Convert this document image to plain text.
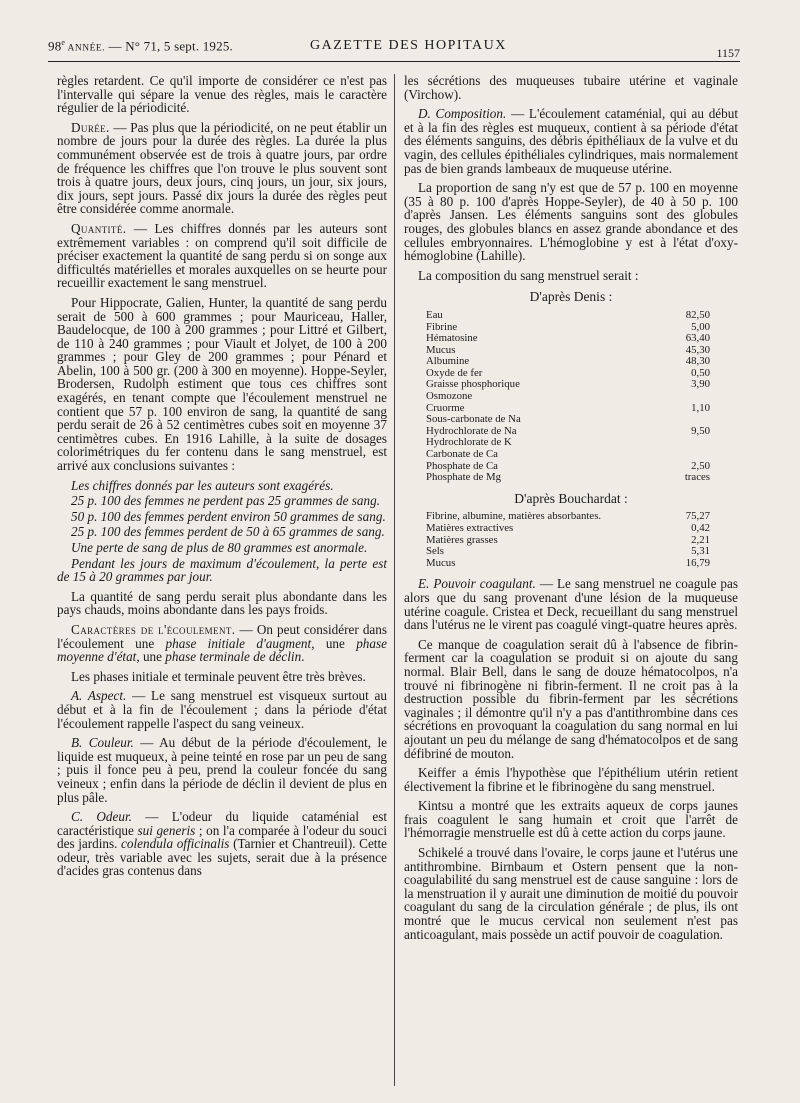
98e ANNÉE. — N° 71, 5 sept. 1925.	GAZETTE DES HOPITAUX	1157

règles retardent. Ce qu'il importe de considérer ce n'est pas l'intervalle qui sépare la venue des règles, mais le caractère régulier de la périodicité.

Durée. — Pas plus que la périodicité, on ne peut établir un nombre de jours pour la durée des règles. La durée la plus communément observée est de trois à quatre jours, par ordre de fréquence les chiffres que l'on trouve le plus souvent sont trois à quatre jours, deux jours, cinq jours, un jour, six jours, dix jours, sept jours. Passé dix jours la durée des règles peut être considérée comme anormale.

Quantité. — Les chiffres donnés par les auteurs sont extrêmement variables : on comprend qu'il soit difficile de préciser exactement la quantité de sang perdu si on songe aux difficultés matérielles et morales auxquelles on se heurte pour recueillir exactement le sang menstruel.

Pour Hippocrate, Galien, Hunter, la quantité de sang perdu serait de 500 à 600 grammes ; pour Mauriceau, Haller, Baudelocque, de 100 à 200 grammes ; pour Littré et Gilbert, de 110 à 240 grammes ; pour Viault et Jolyet, de 100 à 200 grammes ; pour Gley de 200 grammes ; pour Pénard et Abelin, 100 à 500 gr. (200 à 300 en moyenne). Hoppe-Seyler, Brodersen, Rudolph estiment que tous ces chiffres sont exagérés, en tenant compte que l'écoulement menstruel ne contient que 57 p. 100 environ de sang, la quantité de sang perdu serait de 26 à 52 centimètres cubes soit en moyenne 37 centimètres cubes. En 1916 Lahille, à la suite de dosages colorimétriques du fer contenu dans le sang menstruel, est arrivé aux conclusions suivantes :

Les chiffres donnés par les auteurs sont exagérés.

25 p. 100 des femmes ne perdent pas 25 grammes de sang.

50 p. 100 des femmes perdent environ 50 grammes de sang.

25 p. 100 des femmes perdent de 50 à 65 grammes de sang.

Une perte de sang de plus de 80 grammes est anormale.

Pendant les jours de maximum d'écoulement, la perte est de 15 à 20 grammes par jour.

La quantité de sang perdu serait plus abondante dans les pays chauds, moins abondante dans les pays froids.

Caractères de l'écoulement. — On peut considérer dans l'écoulement une phase initiale d'augment, une phase moyenne d'état, une phase terminale de déclin.

Les phases initiale et terminale peuvent être très brèves.

A. Aspect. — Le sang menstruel est visqueux surtout au début et à la fin de l'écoulement ; dans la période d'état l'écoulement rappelle l'aspect du sang veineux.

B. Couleur. — Au début de la période d'écoulement, le liquide est muqueux, à peine teinté en rose par un peu de sang ; puis il fonce peu à peu, prend la couleur foncée du sang veineux ; enfin dans la période de déclin il devient de plus en plus pâle.

C. Odeur. — L'odeur du liquide cataménial est caractéristique sui generis ; on l'a comparée à l'odeur du souci des jardins. colendula officinalis (Tarnier et Chantreuil). Cette odeur, très variable avec les sujets, serait due à la présence d'acides gras contenus dans

les sécrétions des muqueuses tubaire utérine et vaginale (Virchow).

D. Composition. — L'écoulement cataménial, qui au début et à la fin des règles est muqueux, contient à sa période d'état des éléments sanguins, des débris épithéliaux de la vulve et du vagin, des cellules épithéliales cylindriques, mais normalement pas de bien grands lambeaux de muqueuse utérine.

La proportion de sang n'y est que de 57 p. 100 en moyenne (35 à 80 p. 100 d'après Hoppe-Seyler), de 40 à 50 p. 100 d'après Jansen. Les éléments sanguins sont des globules rouges, des globules blancs en assez grande abondance et des cellules embryonnaires. L'hémoglobine y est à l'état d'oxy-hémoglobine (Lahille).

La composition du sang menstruel serait :

D'après Denis :

Eau	82,50
Fibrine	5,00
Hématosine	63,40
Mucus	45,30
Albumine	48,30
Oxyde de fer	0,50
Graisse phosphorique	3,90
Osmozone	
Cruorme	1,10
Sous-carbonate de Na	
Hydrochlorate de Na	9,50
Hydrochlorate de K	
Carbonate de Ca	
Phosphate de Ca	2,50
Phosphate de Mg	traces

D'après Bouchardat :

Fibrine, albumine, matières absorbantes.	75,27
Matières extractives	0,42
Matières grasses	2,21
Sels	5,31
Mucus	16,79

E. Pouvoir coagulant. — Le sang menstruel ne coagule pas alors que du sang provenant d'une lésion de la muqueuse utérine coagule. Cristea et Deck, recueillant du sang menstruel dans l'utérus ne le virent pas coagulé vingt-quatre heures après.

Ce manque de coagulation serait dû à l'absence de fibrin-ferment car la coagulation se produit si on ajoute du sang normal. Blair Bell, dans le sang de douze hématocolpos, n'a trouvé ni fibrinogène ni fibrin-ferment. Il ne croit pas à la destruction possible du fibrin-ferment par les sécrétions vaginales ; il démontre qu'il n'y a pas d'antithrombine dans ces sécrétions en provoquant la coagulation du sang normal en lui ajoutant un peu du mélange de sang d'hématocolpos et de sang défibriné de mouton.

Keiffer a émis l'hypothèse que l'épithélium utérin retient électivement la fibrine et le fibrinogène du sang menstruel.

Kintsu a montré que les extraits aqueux de corps jaunes frais coagulent le sang humain et croit que l'arrêt de l'hémorragie menstruelle est dû à cette action du corps jaune.

Schikelé a trouvé dans l'ovaire, le corps jaune et l'utérus une antithrombine. Birnbaum et Ostern pensent que la non-coagulabilité du sang menstruel est de cause sanguine : lors de la menstruation il y aurait une diminution de moitié du pouvoir coagulant du sang de la circulation générale ; de plus, ils ont montré que le mucus cervical non seulement n'est pas anticoagulant, mais possède un actif pouvoir de coagulation.
